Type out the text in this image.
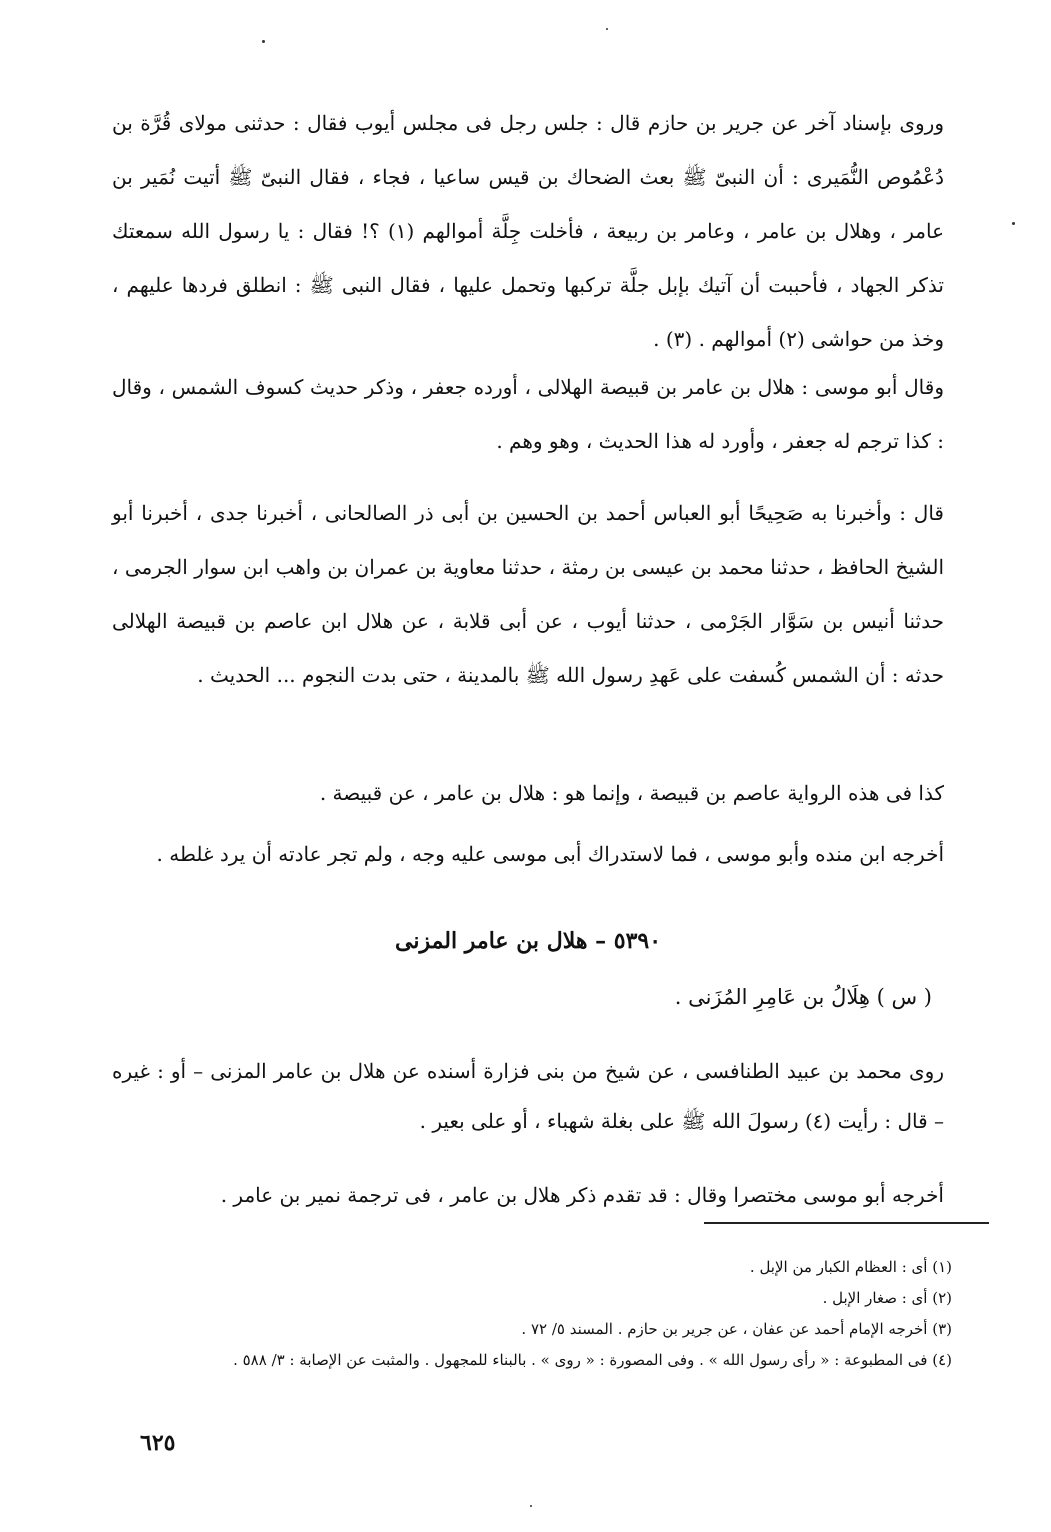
وروى بإسناد آخر عن جرير بن حازم قال : جلس رجل فى مجلس أيوب فقال : حدثنى مولاى قُرَّة بن دُعْمُوص النُّمَيرى : أن النبىّ ﷺ بعث الضحاك بن قيس ساعيا ، فجاء ، فقال النبىّ ﷺ أتيت نُمَير بن عامر ، وهلال بن عامر ، وعامر بن ربيعة ، فأخلت جِلَّة أموالهم (١) ؟! فقال : يا رسول الله سمعتك تذكر الجهاد ، فأحببت أن آتيك بإبل جلَّة تركبها وتحمل عليها ، فقال النبى ﷺ : انطلق فردها عليهم ، وخذ من حواشى (٢) أموالهم . (٣) .

وقال أبو موسى : هلال بن عامر بن قبيصة الهلالى ، أورده جعفر ، وذكر حديث كسوف الشمس ، وقال : كذا ترجم له جعفر ، وأورد له هذا الحديث ، وهو وهم .

قال : وأخبرنا به صَحِيحًا أبو العباس أحمد بن الحسين بن أبى ذر الصالحانى ، أخبرنا جدى ، أخبرنا أبو الشيخ الحافظ ، حدثنا محمد بن عيسى بن رمثة ، حدثنا معاوية بن عمران بن واهب ابن سوار الجرمى ، حدثنا أنيس بن سَوَّار الجَرْمى ، حدثنا أيوب ، عن أبى قلابة ، عن هلال ابن عاصم بن قبيصة الهلالى حدثه : أن الشمس كُسفت على عَهدِ رسول الله ﷺ بالمدينة ، حتى بدت النجوم ... الحديث .

كذا فى هذه الرواية عاصم بن قبيصة ، وإنما هو : هلال بن عامر ، عن قبيصة .

أخرجه ابن منده وأبو موسى ، فما لاستدراك أبى موسى عليه وجه ، ولم تجر عادته أن يرد غلطه .

٥٣٩٠ – هلال بن عامر المزنى
( س ) هِلَالُ بن عَامِرِ المُزَنى .

روى محمد بن عبيد الطنافسى ، عن شيخ من بنى فزارة أسنده عن هلال بن عامر المزنى – أو : غيره – قال : رأيت (٤) رسولَ الله ﷺ على بغلة شهباء ، أو على بعير .

أخرجه أبو موسى مختصرا وقال : قد تقدم ذكر هلال بن عامر ، فى ترجمة نمير بن عامر .

(١) أى : العظام الكبار من الإبل .

(٢) أى : صغار الإبل .

(٣) أخرجه الإمام أحمد عن عفان ، عن جرير بن حازم . المسند ٥/ ٧٢ .

(٤) فى المطبوعة : « رأى رسول الله » . وفى المصورة : « روى » . بالبناء للمجهول . والمثبت عن الإصابة : ٣/ ٥٨٨ .

٦٢٥
